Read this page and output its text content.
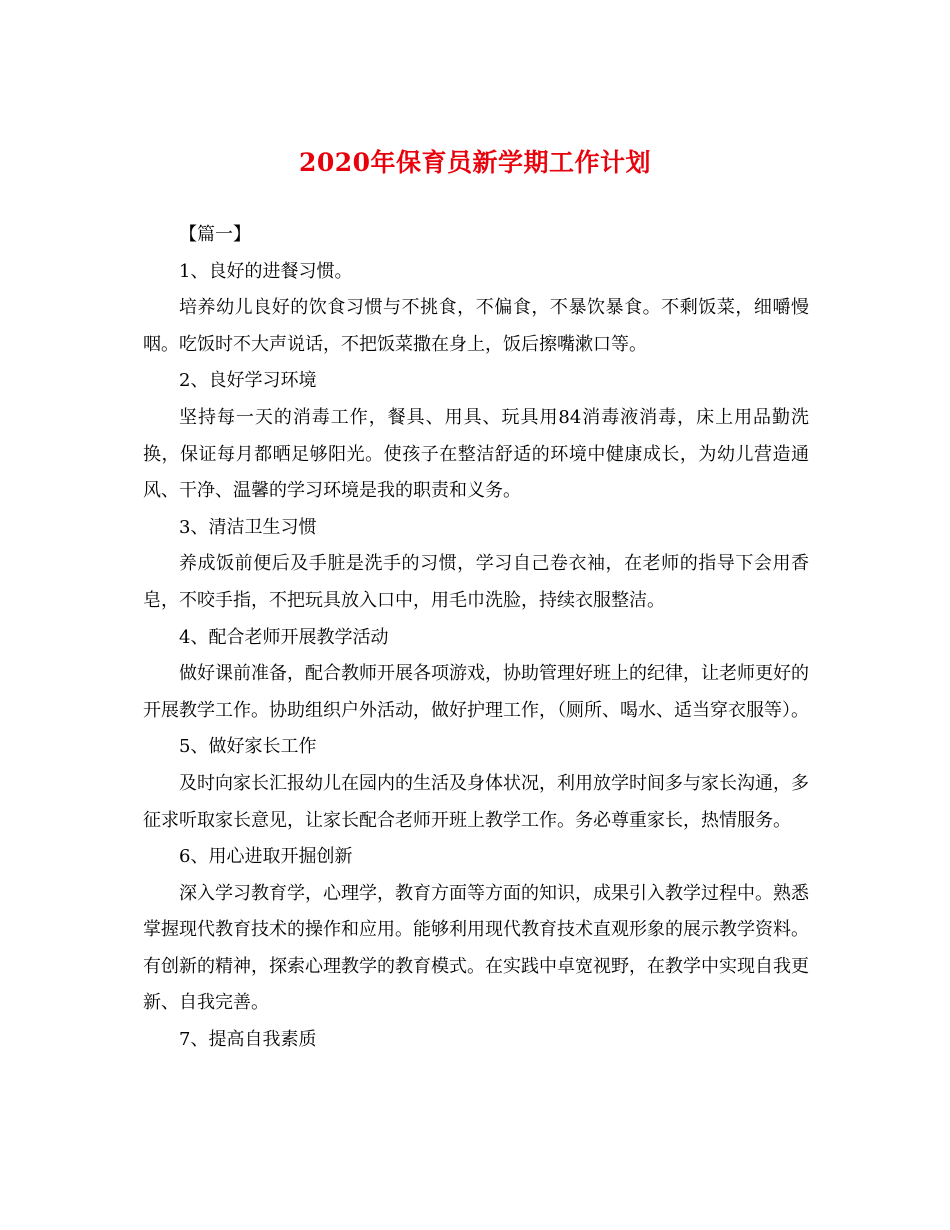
2020年保育员新学期工作计划

【篇一】

1、良好的进餐习惯。

培养幼儿良好的饮食习惯与不挑食，不偏食，不暴饮暴食。不剩饭菜，细嚼慢咽。吃饭时不大声说话，不把饭菜撒在身上，饭后擦嘴漱口等。

2、良好学习环境

坚持每一天的消毒工作，餐具、用具、玩具用84消毒液消毒，床上用品勤洗换，保证每月都晒足够阳光。使孩子在整洁舒适的环境中健康成长，为幼儿营造通风、干净、温馨的学习环境是我的职责和义务。

3、清洁卫生习惯

养成饭前便后及手脏是洗手的习惯，学习自己卷衣袖，在老师的指导下会用香皂，不咬手指，不把玩具放入口中，用毛巾洗脸，持续衣服整洁。

4、配合老师开展教学活动

做好课前准备，配合教师开展各项游戏，协助管理好班上的纪律，让老师更好的开展教学工作。协助组织户外活动，做好护理工作，（厕所、喝水、适当穿衣服等）。

5、做好家长工作

及时向家长汇报幼儿在园内的生活及身体状况，利用放学时间多与家长沟通，多征求听取家长意见，让家长配合老师开班上教学工作。务必尊重家长，热情服务。

6、用心进取开掘创新

深入学习教育学，心理学，教育方面等方面的知识，成果引入教学过程中。熟悉掌握现代教育技术的操作和应用。能够利用现代教育技术直观形象的展示教学资料。有创新的精神，探索心理教学的教育模式。在实践中卓宽视野，在教学中实现自我更新、自我完善。

7、提高自我素质
